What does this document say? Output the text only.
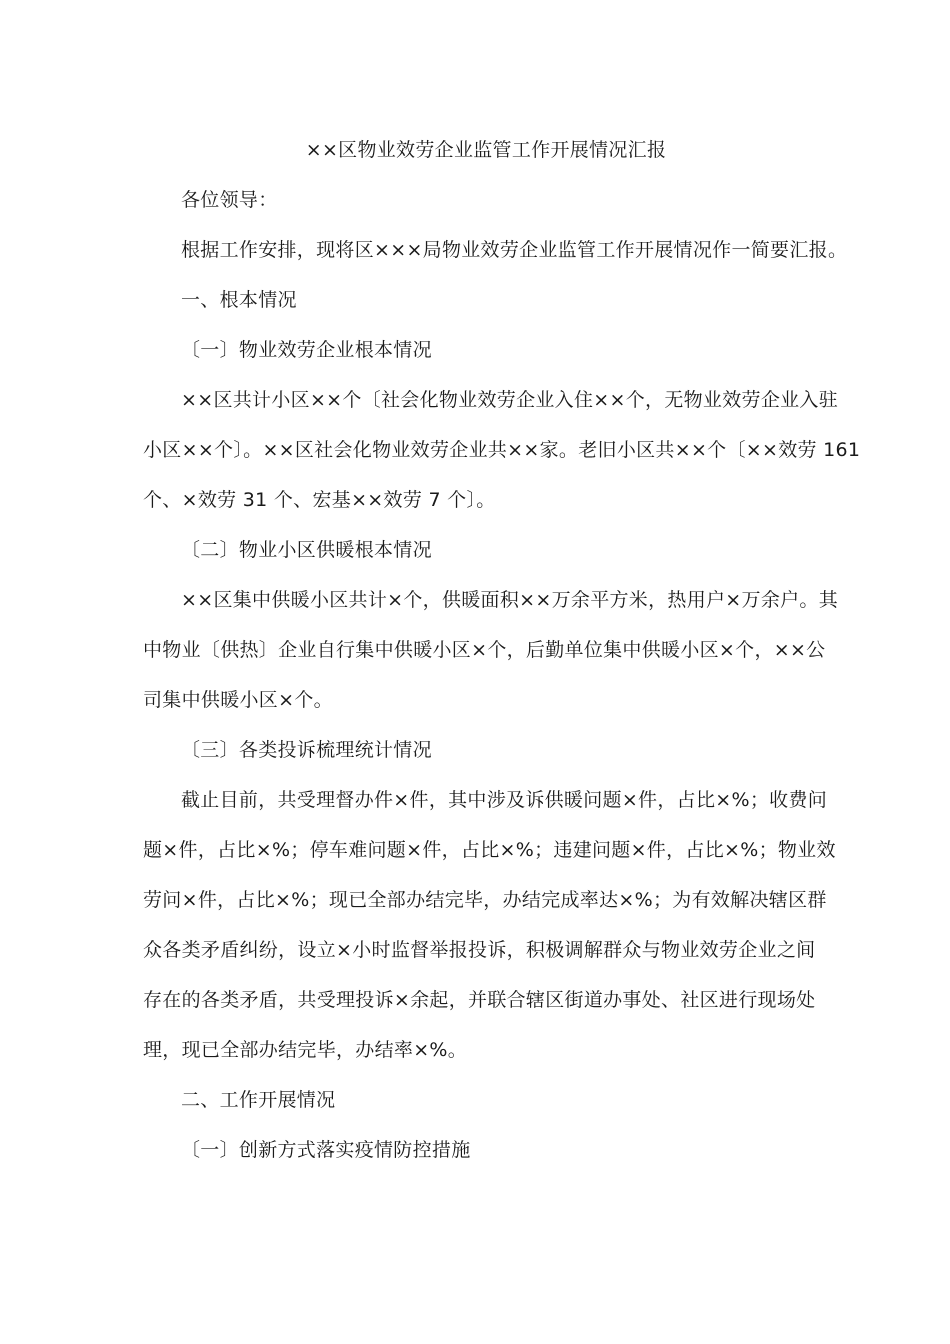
××区物业效劳企业监管工作开展情况汇报
各位领导：
根据工作安排，现将区×××局物业效劳企业监管工作开展情况作一简要汇报。
一、根本情况
〔一〕物业效劳企业根本情况
××区共计小区××个〔社会化物业效劳企业入住××个，无物业效劳企业入驻
小区××个〕。××区社会化物业效劳企业共××家。老旧小区共××个〔××效劳 161
个、×效劳 31 个、宏基××效劳 7 个〕。
〔二〕物业小区供暖根本情况
××区集中供暖小区共计×个，供暖面积××万余平方米，热用户×万余户。其
中物业〔供热〕企业自行集中供暖小区×个，后勤单位集中供暖小区×个，××公
司集中供暖小区×个。
〔三〕各类投诉梳理统计情况
截止目前，共受理督办件×件，其中涉及诉供暖问题×件，占比×%；收费问
题×件，占比×%；停车难问题×件，占比×%；违建问题×件，占比×%；物业效
劳问×件，占比×%；现已全部办结完毕，办结完成率达×%；为有效解决辖区群
众各类矛盾纠纷，设立×小时监督举报投诉，积极调解群众与物业效劳企业之间
存在的各类矛盾，共受理投诉×余起，并联合辖区街道办事处、社区进行现场处
理，现已全部办结完毕，办结率×%。
二、工作开展情况
〔一〕创新方式落实疫情防控措施
